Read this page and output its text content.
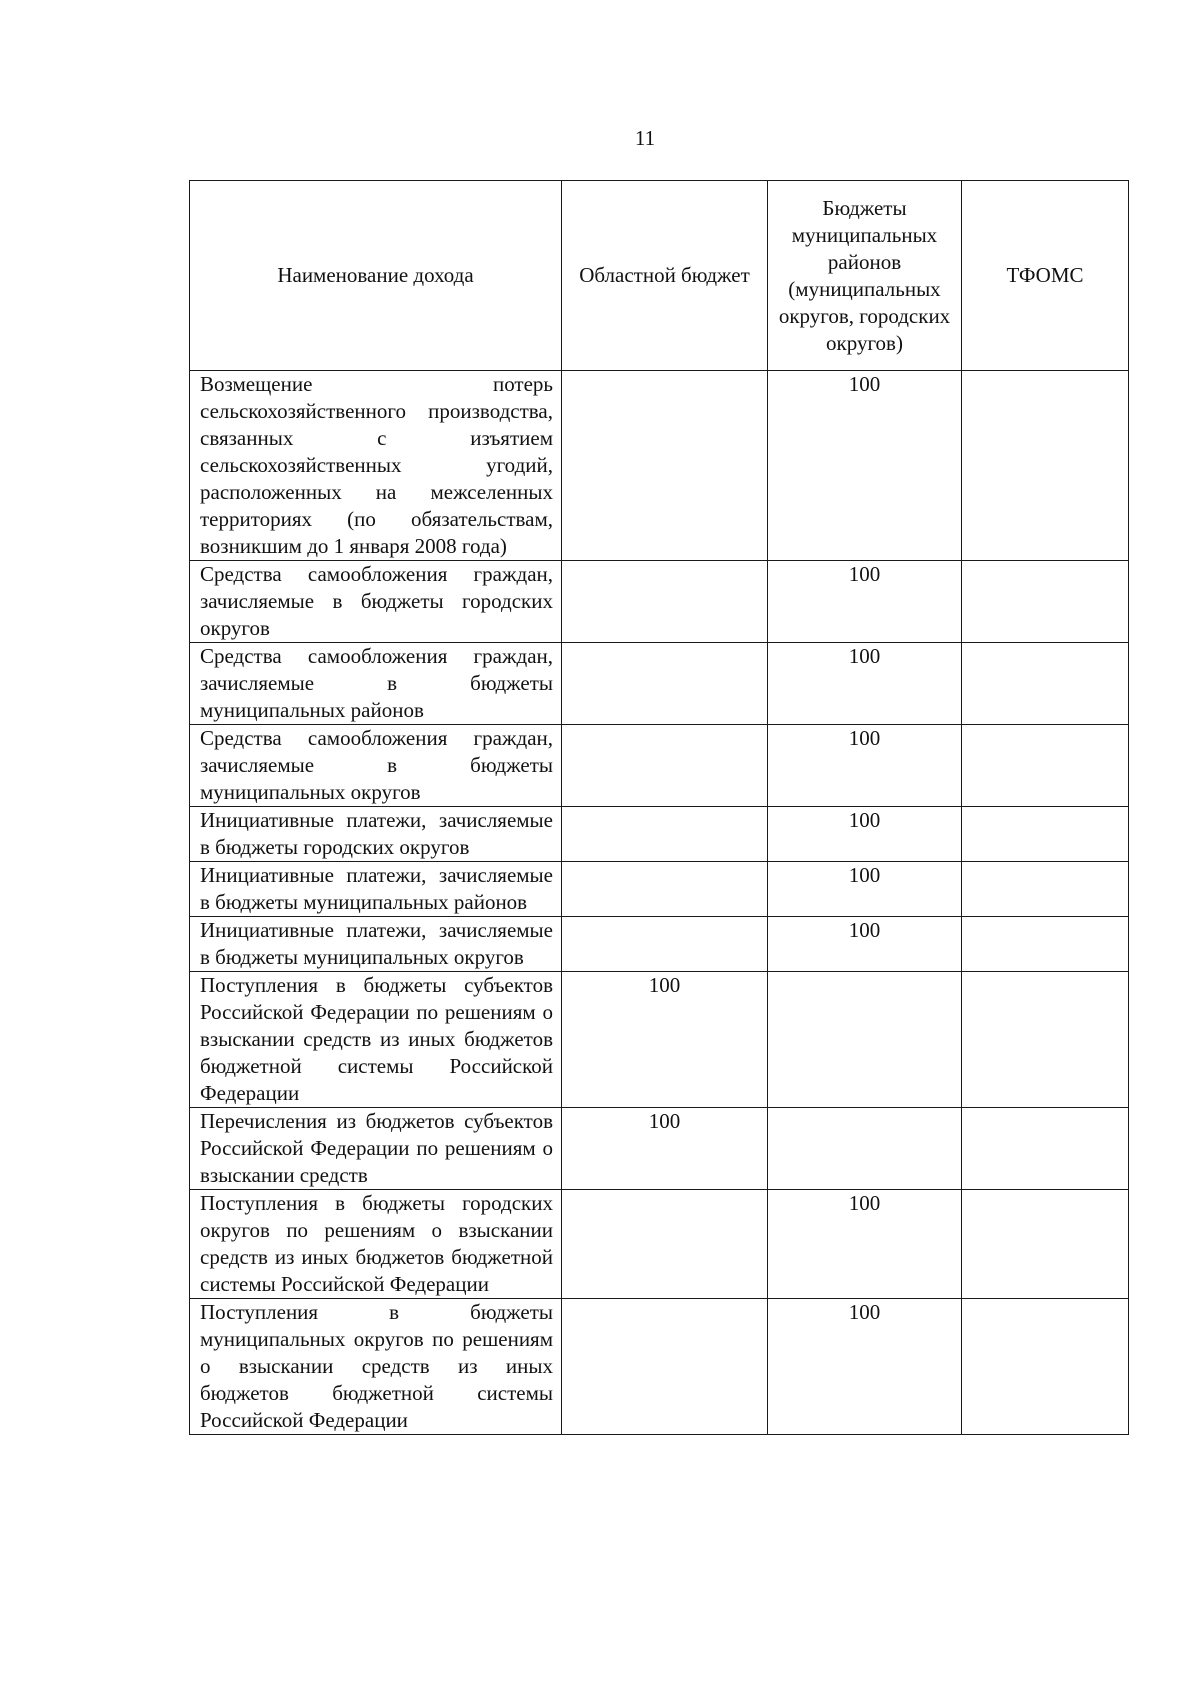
11
Наименование дохода	Областной бюджет	Бюджеты муниципальных районов (муниципальных округов, городских округов)	ТФОМС

Возмещение потерь сельскохозяйственного производства, связанных с изъятием сельскохозяйственных угодий, расположенных на межселенных территориях (по обязательствам, возникшим до 1 января 2008 года)		100	
Средства самообложения граждан, зачисляемые в бюджеты городских округов		100	
Средства самообложения граждан, зачисляемые в бюджеты муниципальных районов		100	
Средства самообложения граждан, зачисляемые в бюджеты муниципальных округов		100	
Инициативные платежи, зачисляемые в бюджеты городских округов		100	
Инициативные платежи, зачисляемые в бюджеты муниципальных районов		100	
Инициативные платежи, зачисляемые в бюджеты муниципальных округов		100	
Поступления в бюджеты субъектов Российской Федерации по решениям о взыскании средств из иных бюджетов бюджетной системы Российской Федерации	100		
Перечисления из бюджетов субъектов Российской Федерации по решениям о взыскании средств	100		
Поступления в бюджеты городских округов по решениям о взыскании средств из иных бюджетов бюджетной системы Российской Федерации		100	
Поступления в бюджеты муниципальных округов по решениям о взыскании средств из иных бюджетов бюджетной системы Российской Федерации		100	
